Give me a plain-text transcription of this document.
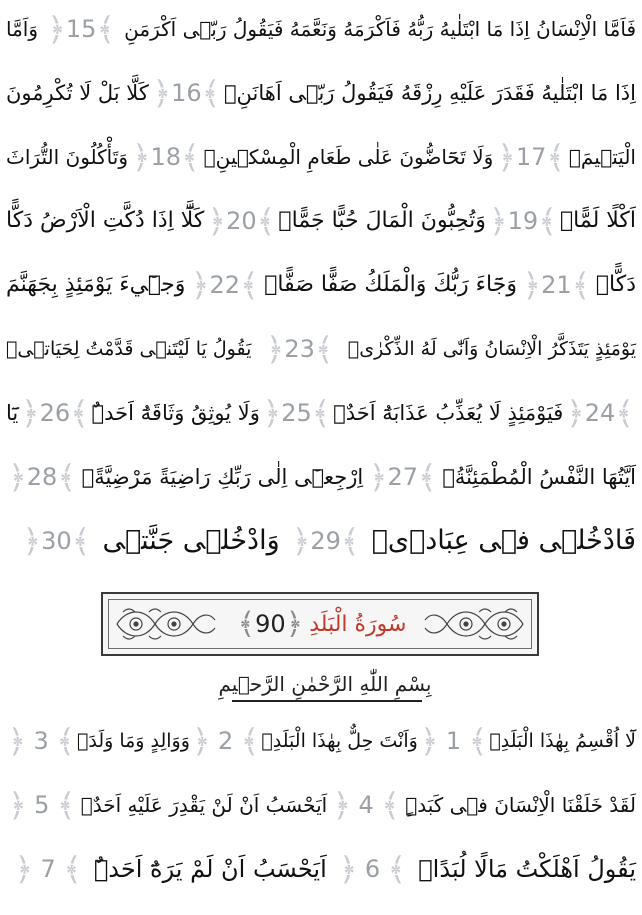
فَاَمَّا الْاِنْسَانُ اِذَا مَا ابْتَلٰيهُ رَبُّهُ فَاَكْرَمَهُ وَنَعَّمَهُ فَيَقُولُ رَبّٖى اَكْرَمَنِ
﴿ 15 ﴾
وَاَمَّا
اِذَا مَا ابْتَلٰيهُ فَقَدَرَ عَلَيْهِ رِزْقَهُ فَيَقُولُ رَبّٖى اَهَانَنِۚ
﴿ 16 ﴾
كَلَّا بَلْ لَا تُكْرِمُونَ
الْيَتٖيمَۙ
﴿ 17 ﴾
وَلَا تَحَٓاضُّونَ عَلٰى طَعَامِ الْمِسْكٖينِۙ
﴿ 18 ﴾
وَتَأْكُلُونَ التُّرَاثَ
اَكْلًا لَمًّاۙ
﴿ 19 ﴾
وَتُحِبُّونَ الْمَالَ حُبًّا جَمًّاۜ
﴿ 20 ﴾
كَلَّٓا اِذَا دُكَّتِ الْاَرْضُ دَكًّا
دَكًّاۙ
﴿ 21 ﴾
وَجَٓاءَ رَبُّكَ وَالْمَلَكُ صَفًّا صَفًّاۚ
﴿ 22 ﴾
وَجٖٓيءَ يَوْمَئِذٍ بِجَهَنَّمَ
يَوْمَئِذٍ يَتَذَكَّرُ الْاِنْسَانُ وَاَنّٰى لَهُ الذِّكْرٰىۜ
﴿ 23 ﴾
يَقُولُ يَا لَيْتَنٖى قَدَّمْتُ لِحَيَاتٖىۚ
﴿ 24 ﴾
فَيَوْمَئِذٍ لَا يُعَذِّبُ عَذَابَهُٓ اَحَدٌۙ
﴿ 25 ﴾
وَلَا يُوثِقُ وَثَاقَهُٓ اَحَدٌۜ
﴿ 26 ﴾
يَٓا
اَيَّتُهَا النَّفْسُ الْمُطْمَئِنَّةُۗ
﴿ 27 ﴾
اِرْجِعٖٓى اِلٰى رَبِّكِ رَاضِيَةً مَرْضِيَّةًۚ
﴿ 28 ﴾
فَادْخُلٖى فٖى عِبَادٖىۙ
﴿ 29 ﴾
وَادْخُلٖى جَنَّتٖى
﴿ 30 ﴾
سُورَةُ الْبَلَدِ
﴾ 90 ﴿
بِسْمِ اللّٰهِ الرَّحْمٰنِ الرَّحٖيمِ
لَٓا اُقْسِمُ بِهٰذَا الْبَلَدِۙ
﴿ 1 ﴾
وَاَنْتَ حِلٌّ بِهٰذَا الْبَلَدِۙ
﴿ 2 ﴾
وَوَالِدٍ وَمَا وَلَدَۙ
﴿ 3 ﴾
لَقَدْ خَلَقْنَا الْاِنْسَانَ فٖى كَبَدٍۜ
﴿ 4 ﴾
اَيَحْسَبُ اَنْ لَنْ يَقْدِرَ عَلَيْهِ اَحَدٌۢ
﴿ 5 ﴾
يَقُولُ اَهْلَكْتُ مَالًا لُبَدًاۜ
﴿ 6 ﴾
اَيَحْسَبُ اَنْ لَمْ يَرَهُٓ اَحَدٌۜ
﴿ 7 ﴾
